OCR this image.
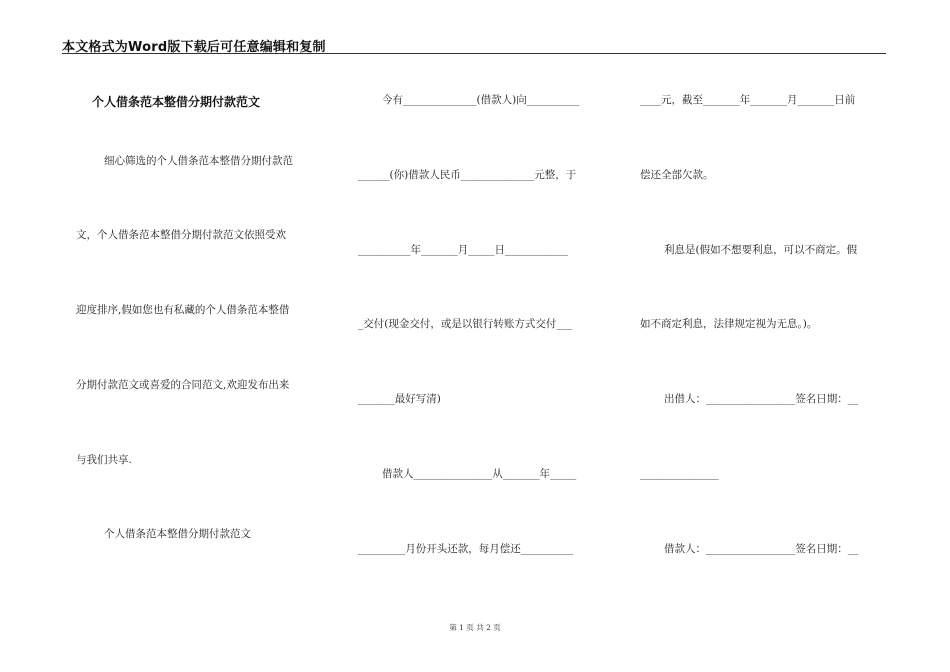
本文格式为Word版下载后可任意编辑和复制
个人借条范本整借分期付款范文
细心筛选的个人借条范本整借分期付款范
文，个人借条范本整借分期付款范文依照受欢
迎度排序,假如您也有私藏的个人借条范本整借
分期付款范文或喜爱的合同范文,欢迎发布出来
与我们共享.
个人借条范本整借分期付款范文
今有______________(借款人)向__________
______(你)借款人民币______________元整，于
__________年_______月_____日____________
_交付(现金交付，或是以银行转账方式交付___
_______最好写清)
借款人_______________从_______年_____
_________月份开头还款，每月偿还__________
____元，截至_______年_______月_______日前
偿还全部欠款。
利息是(假如不想要利息，可以不商定。假
如不商定利息，法律规定视为无息。)。
出借人：_________________签名日期：__
_______________
借款人：_________________签名日期：__
第 1 页 共 2 页
